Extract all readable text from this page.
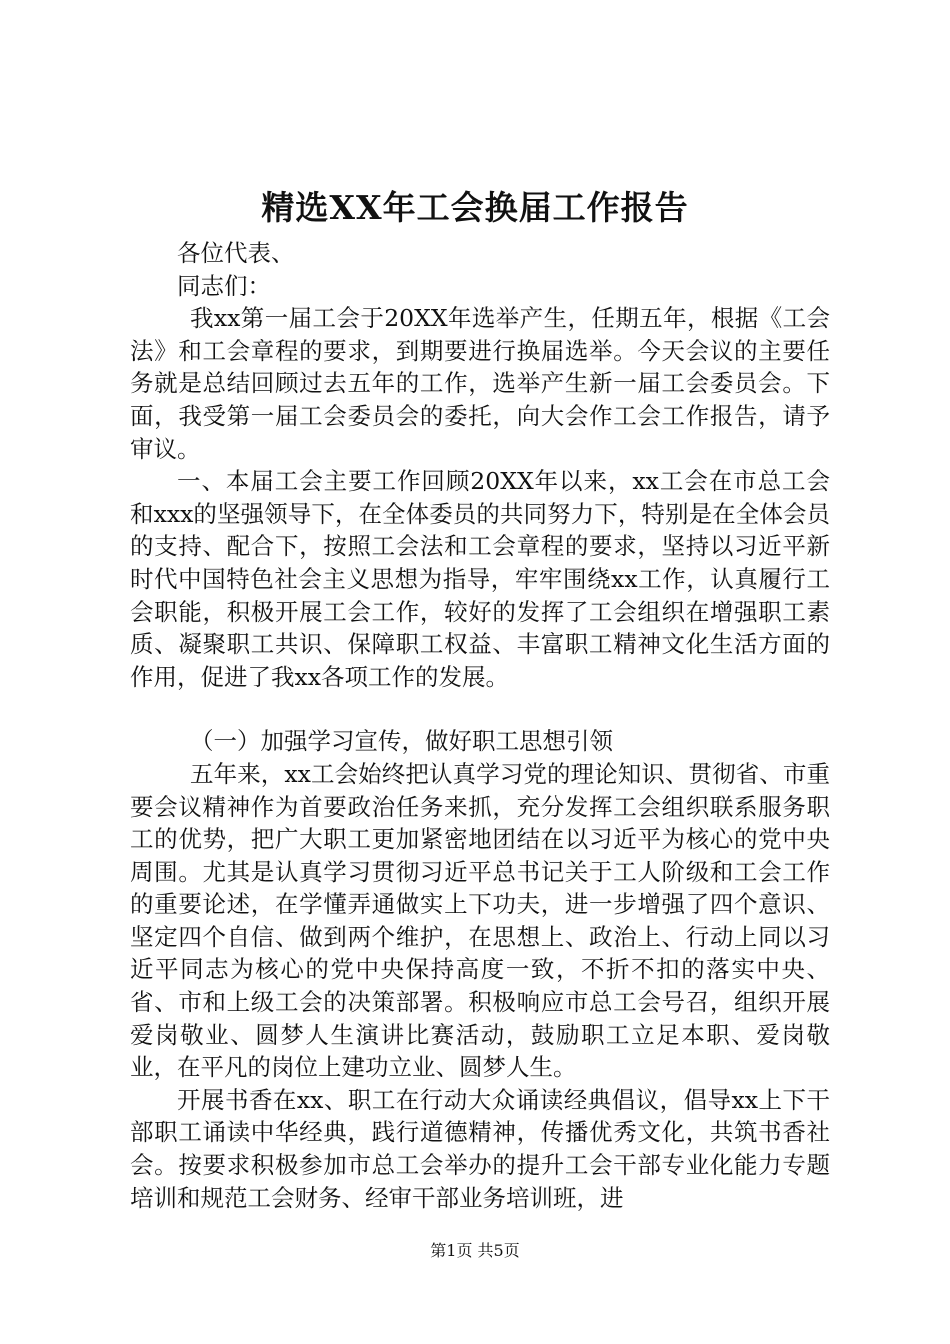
精选XX年工会换届工作报告

各位代表、

同志们：

我xx第一届工会于20XX年选举产生，任期五年，根据《工会法》和工会章程的要求，到期要进行换届选举。今天会议的主要任务就是总结回顾过去五年的工作，选举产生新一届工会委员会。下面，我受第一届工会委员会的委托，向大会作工会工作报告，请予审议。

一、本届工会主要工作回顾20XX年以来，xx工会在市总工会和xxx的坚强领导下，在全体委员的共同努力下，特别是在全体会员的支持、配合下，按照工会法和工会章程的要求，坚持以习近平新时代中国特色社会主义思想为指导，牢牢围绕xx工作，认真履行工会职能，积极开展工会工作，较好的发挥了工会组织在增强职工素质、凝聚职工共识、保障职工权益、丰富职工精神文化生活方面的作用，促进了我xx各项工作的发展。

（一）加强学习宣传，做好职工思想引领

五年来，xx工会始终把认真学习党的理论知识、贯彻省、市重要会议精神作为首要政治任务来抓，充分发挥工会组织联系服务职工的优势，把广大职工更加紧密地团结在以习近平为核心的党中央周围。尤其是认真学习贯彻习近平总书记关于工人阶级和工会工作的重要论述，在学懂弄通做实上下功夫，进一步增强了四个意识、坚定四个自信、做到两个维护，在思想上、政治上、行动上同以习近平同志为核心的党中央保持高度一致，不折不扣的落实中央、省、市和上级工会的决策部署。积极响应市总工会号召，组织开展爱岗敬业、圆梦人生演讲比赛活动，鼓励职工立足本职、爱岗敬业，在平凡的岗位上建功立业、圆梦人生。

开展书香在xx、职工在行动大众诵读经典倡议，倡导xx上下干部职工诵读中华经典，践行道德精神，传播优秀文化，共筑书香社会。按要求积极参加市总工会举办的提升工会干部专业化能力专题培训和规范工会财务、经审干部业务培训班，进

第1页 共5页
